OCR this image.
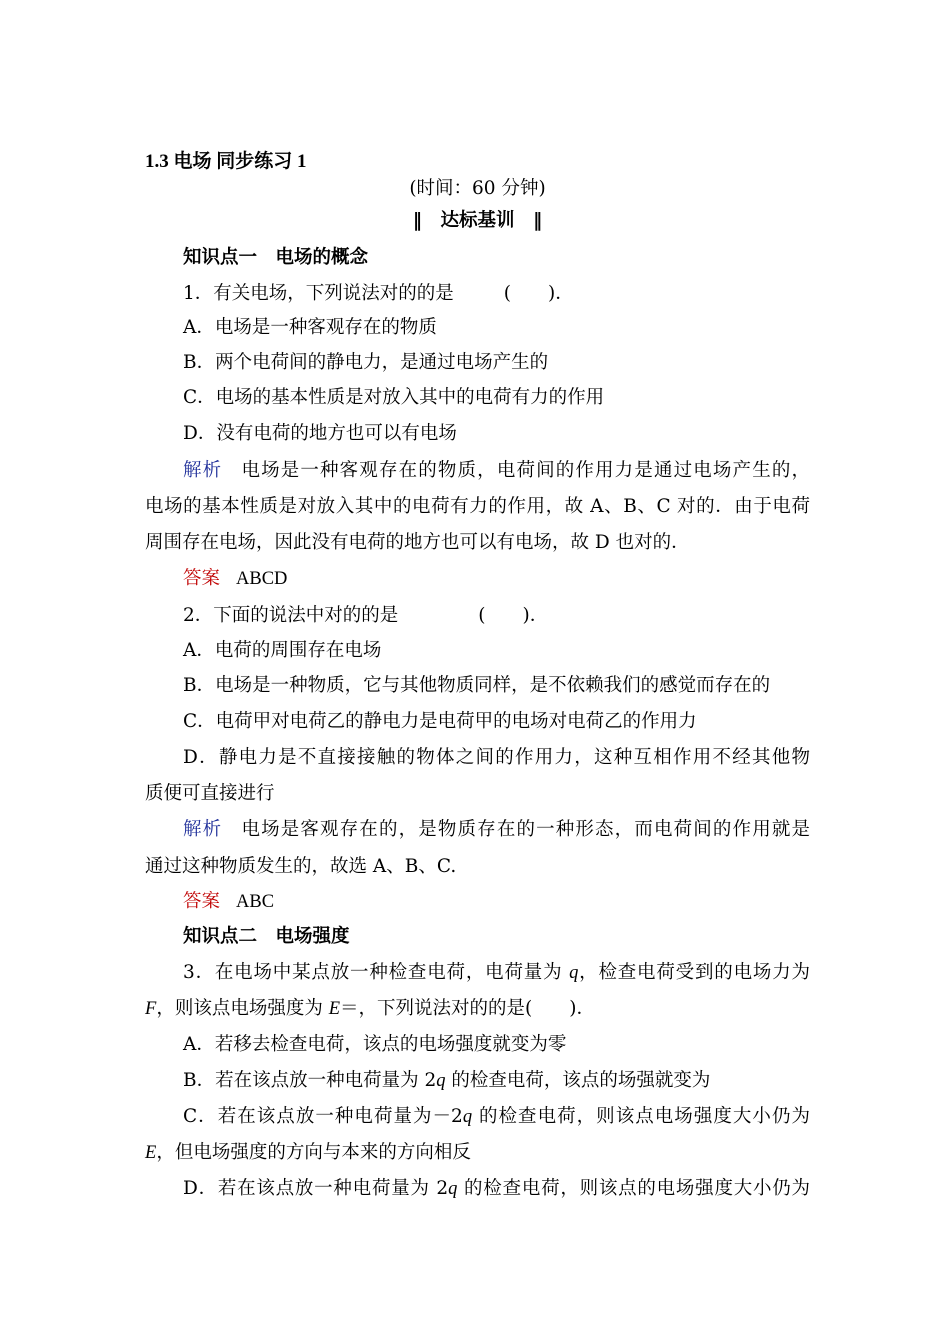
1.3 电场 同步练习 1
(时间：60 分钟)
‖　达标基训　‖
知识点一　电场的概念
1．有关电场，下列说法对的的是	(　　)．
A．电场是一种客观存在的物质
B．两个电荷间的静电力，是通过电场产生的
C．电场的基本性质是对放入其中的电荷有力的作用
D．没有电荷的地方也可以有电场
解析 电场是一种客观存在的物质，电荷间的作用力是通过电场产生的，
电场的基本性质是对放入其中的电荷有力的作用，故 A、B、C 对的．由于电荷
周围存在电场，因此没有电荷的地方也可以有电场，故 D 也对的．
答案 ABCD
2．下面的说法中对的的是	(　　)．
A．电荷的周围存在电场
B．电场是一种物质，它与其他物质同样，是不依赖我们的感觉而存在的
C．电荷甲对电荷乙的静电力是电荷甲的电场对电荷乙的作用力
D．静电力是不直接接触的物体之间的作用力，这种互相作用不经其他物
质便可直接进行
解析 电场是客观存在的，是物质存在的一种形态，而电荷间的作用就是
通过这种物质发生的，故选 A、B、C.
答案 ABC
知识点二　电场强度
3．在电场中某点放一种检查电荷，电荷量为 q，检查电荷受到的电场力为
F，则该点电场强度为 E＝，下列说法对的的是(　　)．
A．若移去检查电荷，该点的电场强度就变为零
B．若在该点放一种电荷量为 2q 的检查电荷，该点的场强就变为
C．若在该点放一种电荷量为－2q 的检查电荷，则该点电场强度大小仍为
E，但电场强度的方向与本来的方向相反
D．若在该点放一种电荷量为 2q 的检查电荷，则该点的电场强度大小仍为
